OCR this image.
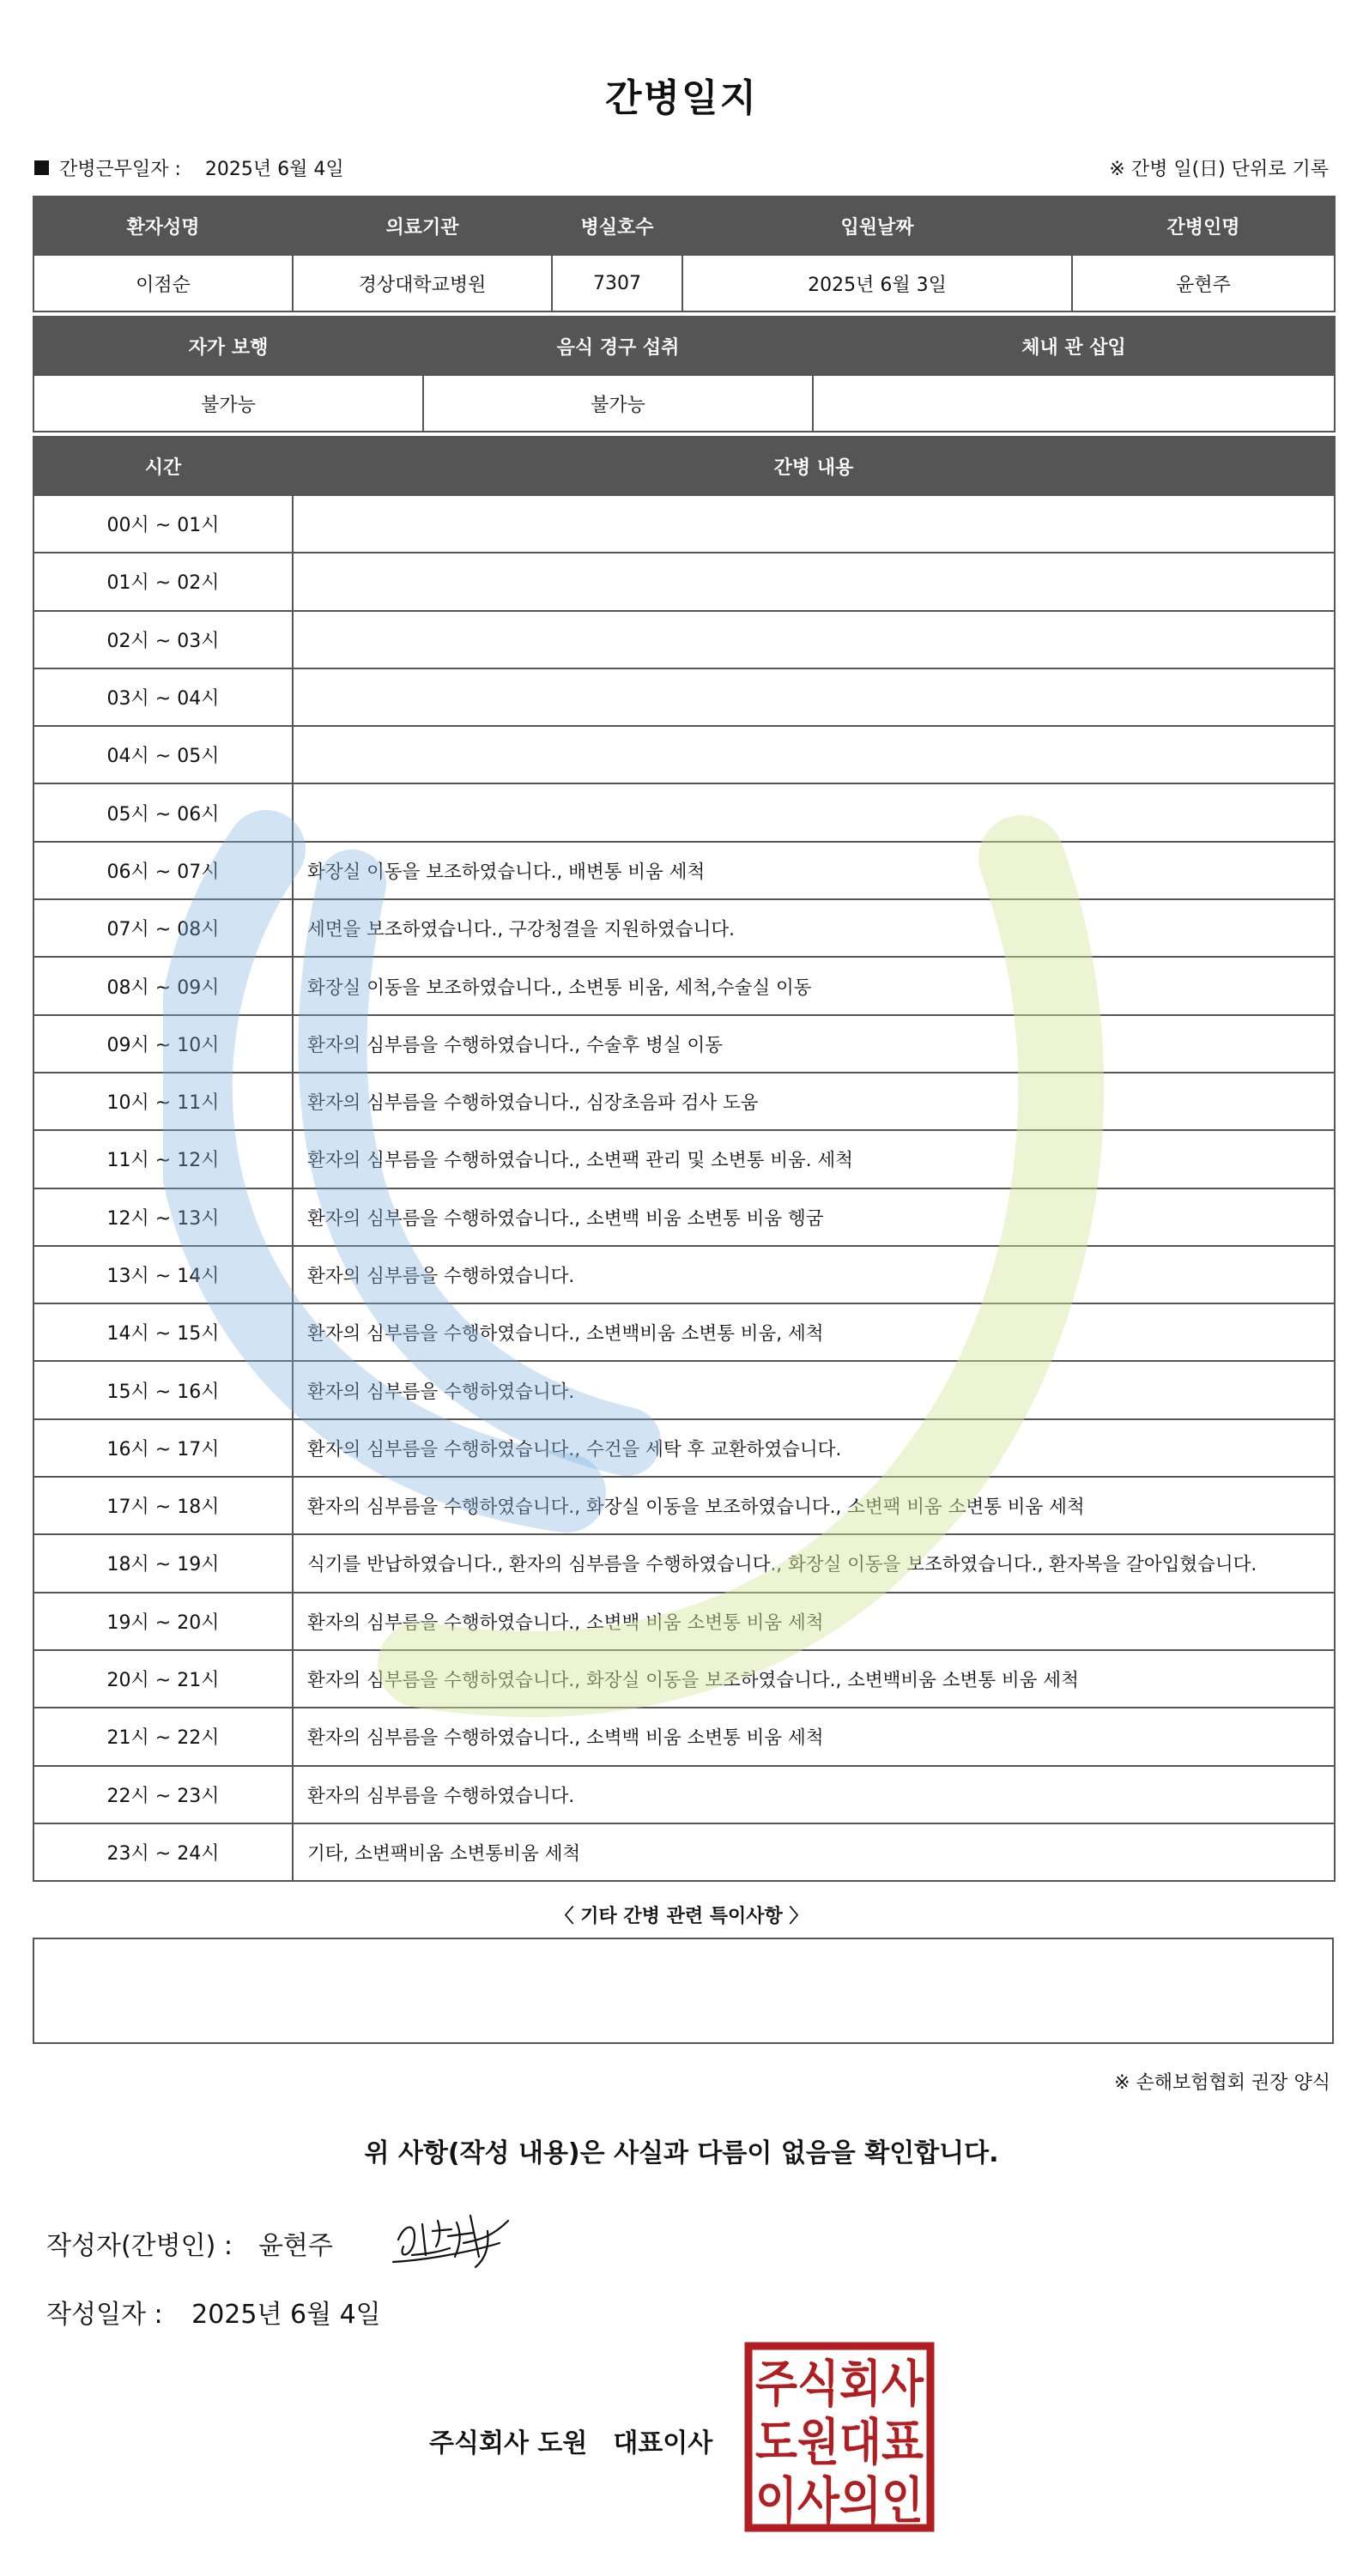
간병일지
간병근무일자 : 2025년 6월 4일	※ 간병 일(日) 단위로 기록
환자성명	의료기관	병실호수	입원날짜	간병인명
이점순	경상대학교병원	7307	2025년 6월 3일	윤현주
자가 보행	음식 경구 섭취	체내 관 삽입
불가능	불가능	
시간	간병 내용
00시 ~ 01시	
01시 ~ 02시	
02시 ~ 03시	
03시 ~ 04시	
04시 ~ 05시	
05시 ~ 06시	
06시 ~ 07시	화장실 이동을 보조하였습니다., 배변통 비움 세척
07시 ~ 08시	세면을 보조하였습니다., 구강청결을 지원하였습니다.
08시 ~ 09시	화장실 이동을 보조하였습니다., 소변통 비움, 세척,수술실 이동
09시 ~ 10시	환자의 심부름을 수행하였습니다., 수술후 병실 이동
10시 ~ 11시	환자의 심부름을 수행하였습니다., 심장초음파 검사 도움
11시 ~ 12시	환자의 심부름을 수행하였습니다., 소변팩 관리 및 소변통 비움. 세척
12시 ~ 13시	환자의 심부름을 수행하였습니다., 소변백 비움 소변통 비움 헹굼
13시 ~ 14시	환자의 심부름을 수행하였습니다.
14시 ~ 15시	환자의 심부름을 수행하였습니다., 소변백비움 소변통 비움, 세척
15시 ~ 16시	환자의 심부름을 수행하였습니다.
16시 ~ 17시	환자의 심부름을 수행하였습니다., 수건을 세탁 후 교환하였습니다.
17시 ~ 18시	환자의 심부름을 수행하였습니다., 화장실 이동을 보조하였습니다., 소변팩 비움 소변통 비움 세척
18시 ~ 19시	식기를 반납하였습니다., 환자의 심부름을 수행하였습니다., 화장실 이동을 보조하였습니다., 환자복을 갈아입혔습니다.
19시 ~ 20시	환자의 심부름을 수행하였습니다., 소변백 비움 소변통 비움 세척
20시 ~ 21시	환자의 심부름을 수행하였습니다., 화장실 이동을 보조하였습니다., 소변백비움 소변통 비움 세척
21시 ~ 22시	환자의 심부름을 수행하였습니다., 소벽백 비움 소변통 비움 세척
22시 ~ 23시	환자의 심부름을 수행하였습니다.
23시 ~ 24시	기타, 소변팩비움 소변통비움 세척
〈 기타 간병 관련 특이사항 〉
※ 손해보험협회 권장 양식
위 사항(작성 내용)은 사실과 다름이 없음을 확인합니다.
작성자(간병인) : 윤현주
작성일자 : 2025년 6월 4일
주식회사 도원 대표이사
주식회사
도원대표
이사의인
